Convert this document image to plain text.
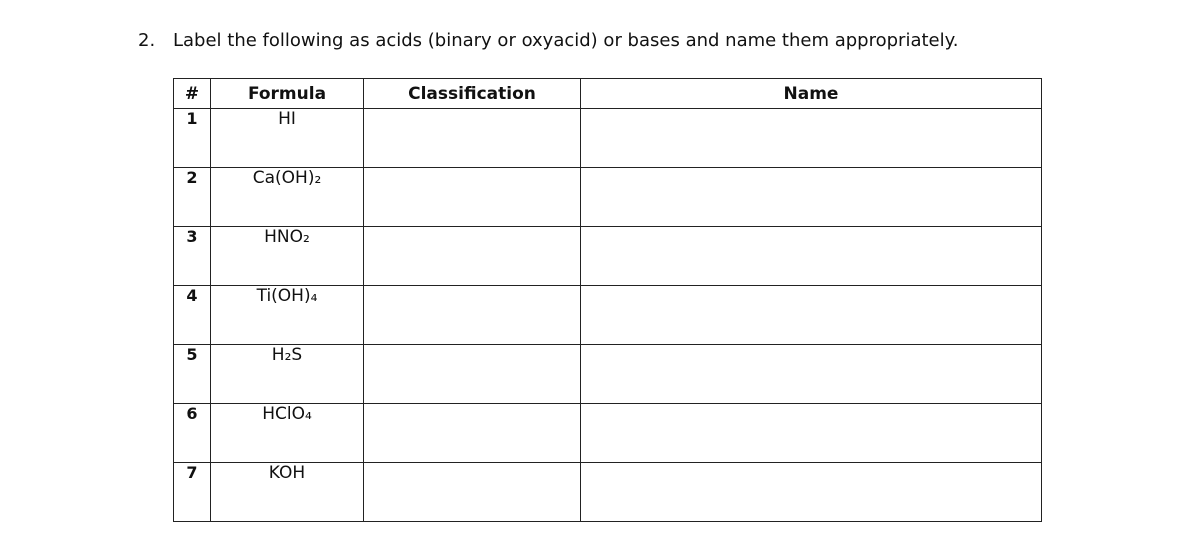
2. Label the following as acids (binary or oxyacid) or bases and name them appropriately.
#	Formula	Classification	Name
1	HI	

2	Ca(OH)₂	

3	HNO₂	

4	Ti(OH)₄	

5	H₂S	

6	HClO₄	

7	KOH	
